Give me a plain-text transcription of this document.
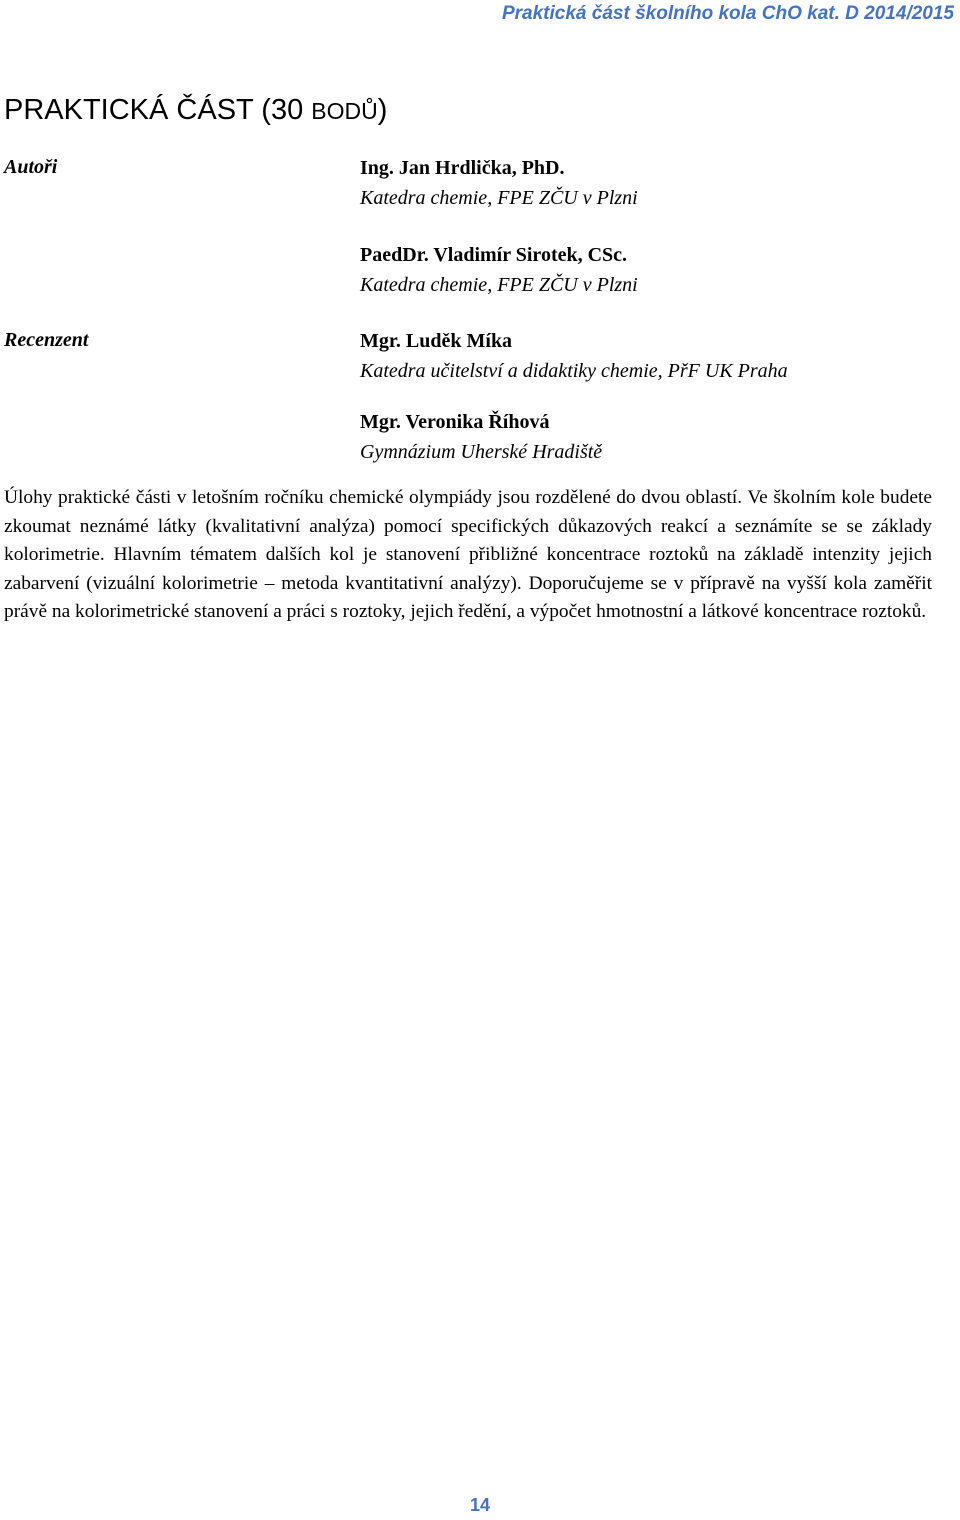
Praktická část školního kola ChO kat. D 2014/2015
PRAKTICKÁ ČÁST (30 BODŮ)
Autoři	Ing. Jan Hrdlička, PhD.
Katedra chemie, FPE ZČU v Plzni
PaedDr. Vladimír Sirotek, CSc.
Katedra chemie, FPE ZČU v Plzni
Recenzent	Mgr. Luděk Míka
Katedra učitelství a didaktiky chemie, PřF UK Praha
Mgr. Veronika Říhová
Gymnázium Uherské Hradiště

Úlohy praktické části v letošním ročníku chemické olympiády jsou rozdělené do dvou oblastí. Ve školním kole budete zkoumat neznámé látky (kvalitativní analýza) pomocí specifických důkazových reakcí a seznámíte se se základy kolorimetrie. Hlavním tématem dalších kol je stanovení přibližné koncentrace roztoků na základě intenzity jejich zabarvení (vizuální kolorimetrie – metoda kvantitativní analýzy). Doporučujeme se v přípravě na vyšší kola zaměřit právě na kolorimetrické stanovení a práci s roztoky, jejich ředění, a výpočet hmotnostní a látkové koncentrace roztoků.

14
